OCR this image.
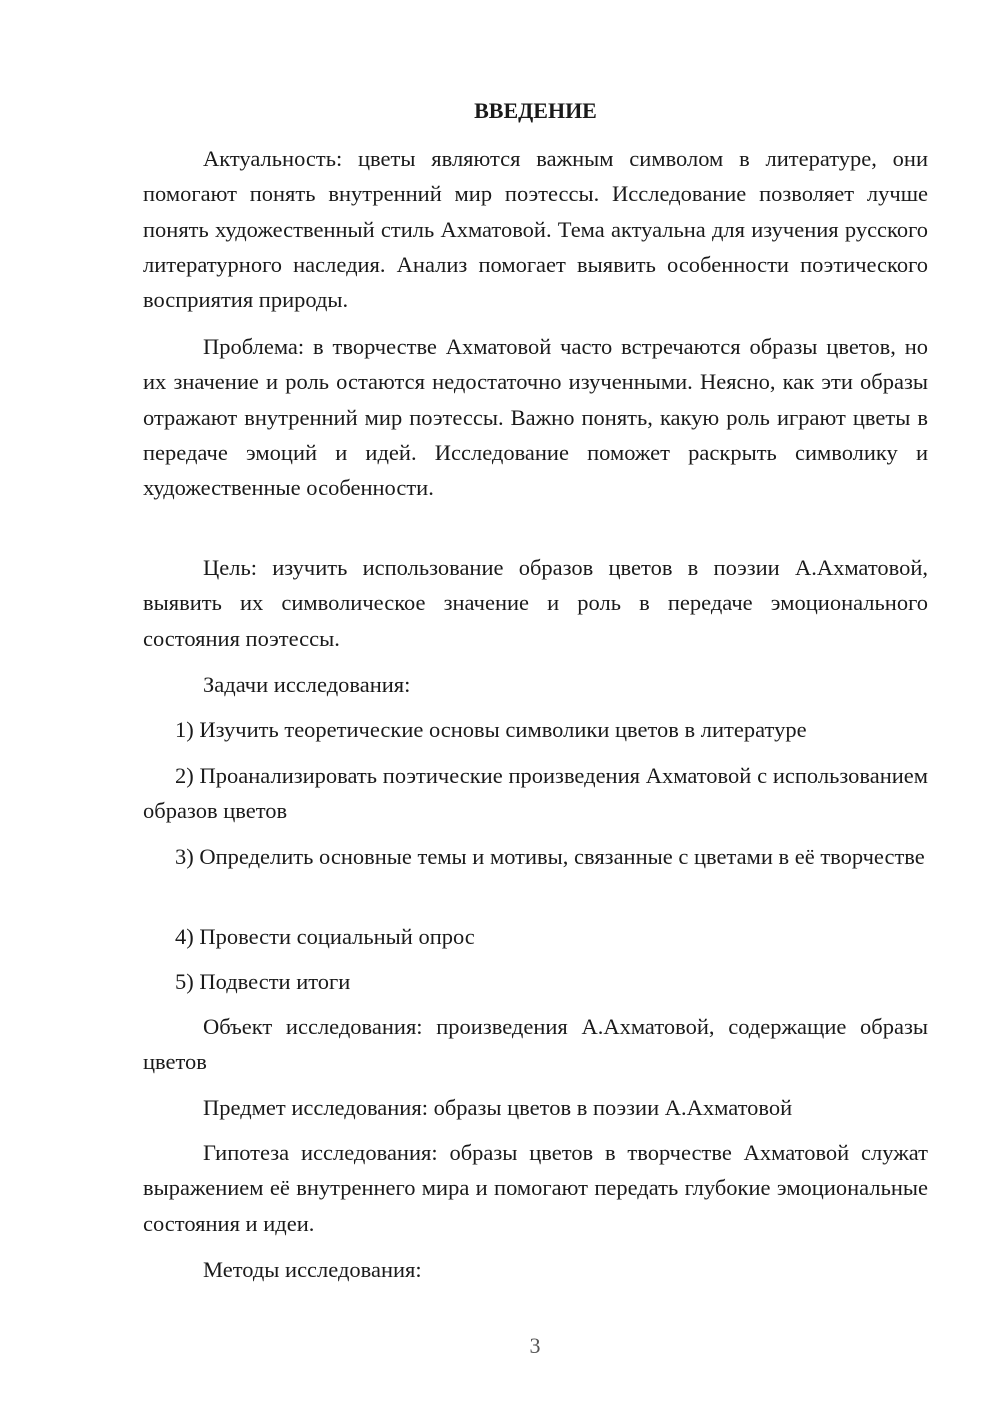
ВВЕДЕНИЕ

Актуальность: цветы являются важным символом в литературе, они помогают понять внутренний мир поэтессы. Исследование позволяет лучше понять художественный стиль Ахматовой. Тема актуальна для изучения русского литературного наследия. Анализ помогает выявить особенности поэтического восприятия природы.

Проблема: в творчестве Ахматовой часто встречаются образы цветов, но их значение и роль остаются недостаточно изученными. Неясно, как эти образы отражают внутренний мир поэтессы. Важно понять, какую роль играют цветы в передаче эмоций и идей. Исследование поможет раскрыть символику и художественные особенности.

Цель: изучить использование образов цветов в поэзии А.Ахматовой, выявить их символическое значение и роль в передаче эмоционального состояния поэтессы.

Задачи исследования:

1) Изучить теоретические основы символики цветов в литературе

2) Проанализировать поэтические произведения Ахматовой с использованием образов цветов

3) Определить основные темы и мотивы, связанные с цветами в её творчестве

4) Провести социальный опрос

5) Подвести итоги

Объект исследования: произведения А.Ахматовой, содержащие образы цветов

Предмет исследования: образы цветов в поэзии А.Ахматовой

Гипотеза исследования: образы цветов в творчестве Ахматовой служат выражением её внутреннего мира и помогают передать глубокие эмоциональные состояния и идеи.

Методы исследования:

3
